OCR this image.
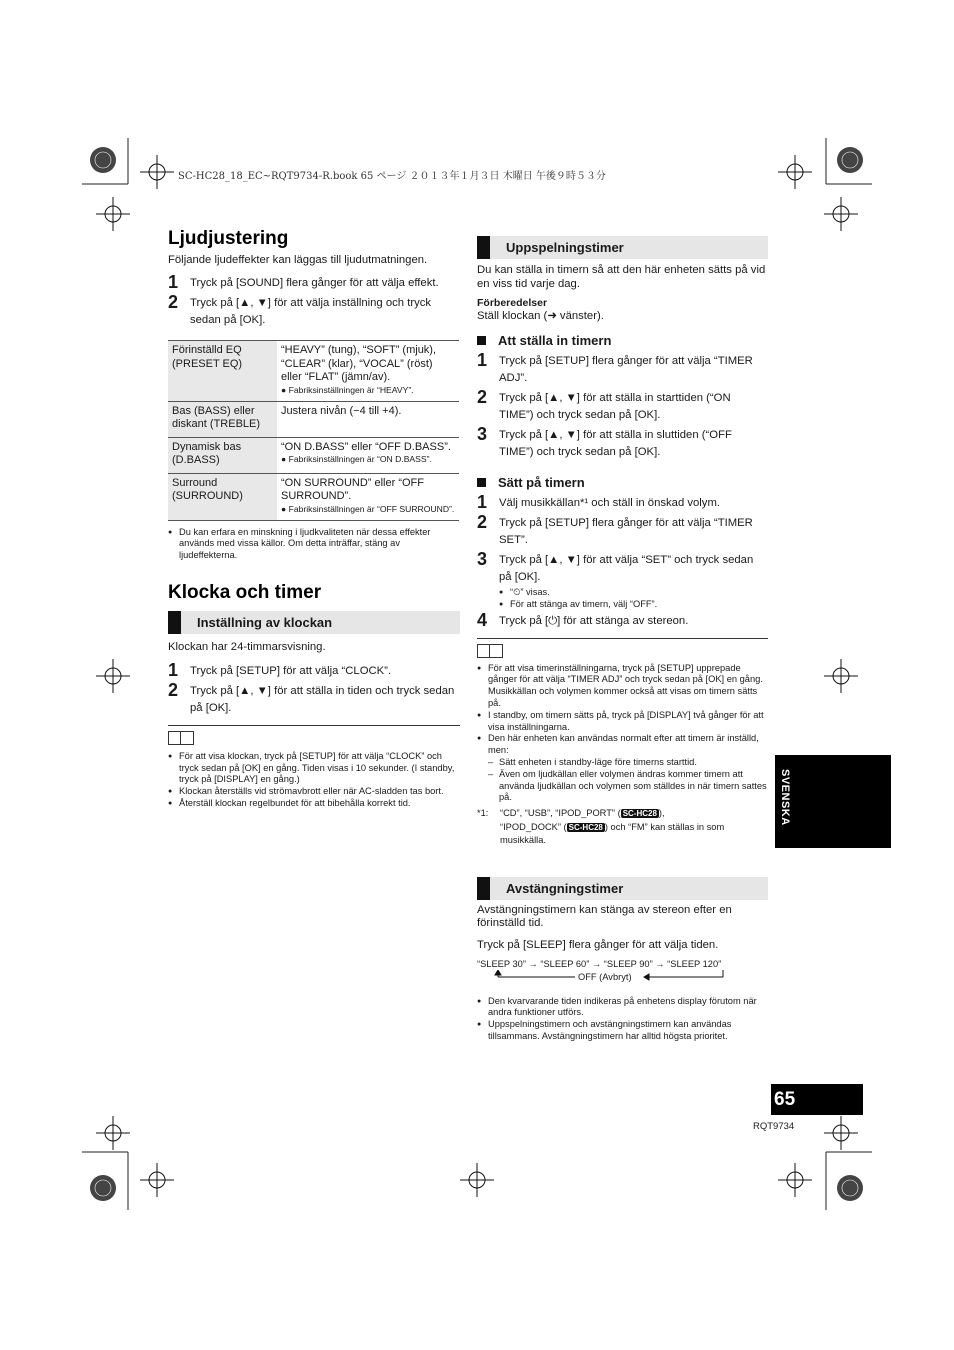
SC-HC28_18_EC~RQT9734-R.book 65 ページ ２０１３年１月３日 木曜日 午後９時５３分
Ljudjustering
Följande ljudeffekter kan läggas till ljudutmatningen.
1	Tryck på [SOUND] flera gånger för att välja effekt.
2	Tryck på [▲, ▼] för att välja inställning och tryck sedan på [OK].
Förinställd EQ (PRESET EQ)	“HEAVY” (tung), “SOFT” (mjuk), “CLEAR” (klar), “VOCAL” (röst) eller “FLAT” (jämn/av).
● Fabriksinställningen är “HEAVY”.

Bas (BASS) eller diskant (TREBLE)	Justera nivån (−4 till +4).

Dynamisk bas (D.BASS)	“ON D.BASS” eller “OFF D.BASS”.
● Fabriksinställningen är “ON D.BASS”.

Surround (SURROUND)	“ON SURROUND” eller “OFF SURROUND”.
● Fabriksinställningen är “OFF SURROUND”.
● Du kan erfara en minskning i ljudkvaliteten när dessa effekter används med vissa källor. Om detta inträffar, stäng av ljudeffekterna.
Klocka och timer
Inställning av klockan
Klockan har 24-timmarsvisning.
1	Tryck på [SETUP] för att välja “CLOCK”.
2	Tryck på [▲, ▼] för att ställa in tiden och tryck sedan på [OK].
● För att visa klockan, tryck på [SETUP] för att välja “CLOCK” och tryck sedan på [OK] en gång. Tiden visas i 10 sekunder. (I standby, tryck på [DISPLAY] en gång.)
● Klockan återställs vid strömavbrott eller när AC-sladden tas bort.
● Återställ klockan regelbundet för att bibehålla korrekt tid.
Uppspelningstimer
Du kan ställa in timern så att den här enheten sätts på vid en viss tid varje dag.
Förberedelser
Ställ klockan (➜ vänster).
Att ställa in timern
1	Tryck på [SETUP] flera gånger för att välja “TIMER ADJ”.
2	Tryck på [▲, ▼] för att ställa in starttiden (“ON TIME”) och tryck sedan på [OK].
3	Tryck på [▲, ▼] för att ställa in sluttiden (“OFF TIME”) och tryck sedan på [OK].
Sätt på timern
1	Välj musikkällan*¹ och ställ in önskad volym.
2	Tryck på [SETUP] flera gånger för att välja “TIMER SET”.
3	Tryck på [▲, ▼] för att välja “SET” och tryck sedan på [OK].
● “⏲” visas.
● För att stänga av timern, välj “OFF”.
4	Tryck på [⏻] för att stänga av stereon.
● För att visa timerinställningarna, tryck på [SETUP] upprepade gånger för att välja “TIMER ADJ” och tryck sedan på [OK] en gång. Musikkällan och volymen kommer också att visas om timern sätts på.
● I standby, om timern sätts på, tryck på [DISPLAY] två gånger för att visa inställningarna.
● Den här enheten kan användas normalt efter att timern är inställd, men:
– Sätt enheten i standby-läge före timerns starttid.
– Även om ljudkällan eller volymen ändras kommer timern att använda ljudkällan och volymen som ställdes in när timern sattes på.
*1:	“CD”, “USB”, “IPOD_PORT” ( SC-HC28 ),
“IPOD_DOCK” ( SC-HC28 ) och “FM” kan ställas in som musikkälla.
Avstängningstimer
Avstängningstimern kan stänga av stereon efter en förinställd tid.
Tryck på [SLEEP] flera gånger för att välja tiden.
“SLEEP 30” → “SLEEP 60” → “SLEEP 90” → “SLEEP 120”
OFF (Avbryt)
● Den kvarvarande tiden indikeras på enhetens display förutom när andra funktioner utförs.
● Uppspelningstimern och avstängningstimern kan användas tillsammans. Avstängningstimern har alltid högsta prioritet.
SVENSKA
65
RQT9734
